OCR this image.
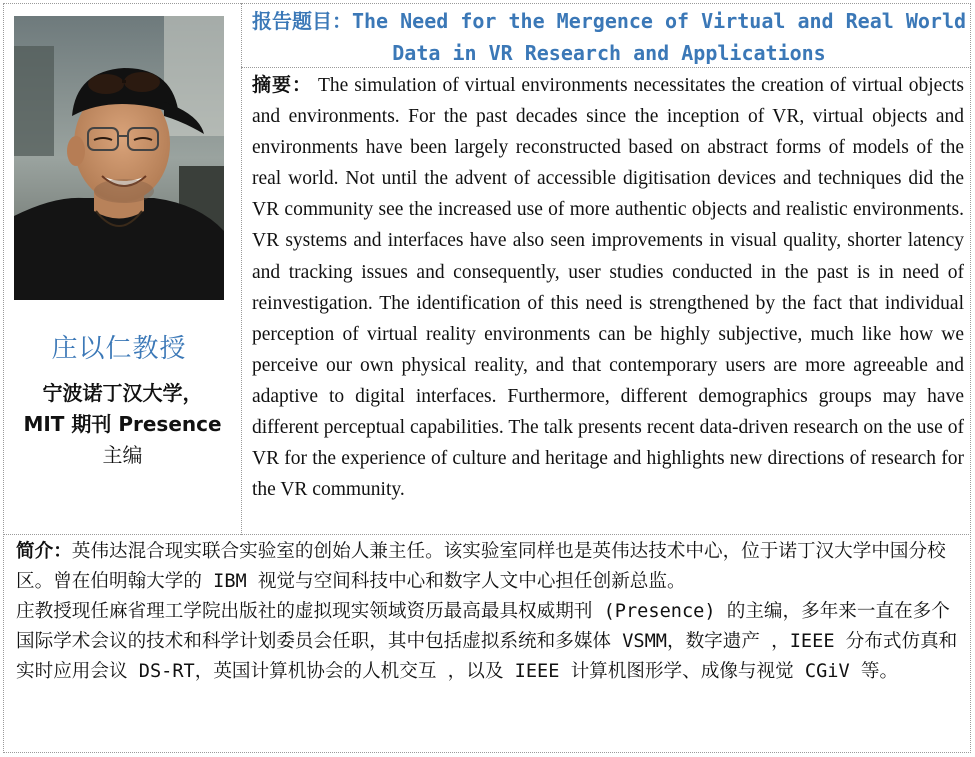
庄以仁教授
宁波诺丁汉大学，
MIT 期刊 Presence
主编
报告题目：The Need for the Mergence of Virtual and Real World Data in VR Research and Applications
摘要： The simulation of virtual environments necessitates the creation of virtual objects and environments. For the past decades since the inception of VR, virtual objects and environments have been largely reconstructed based on abstract forms of models of the real world. Not until the advent of accessible digitisation devices and techniques did the VR community see the increased use of more authentic objects and realistic environments. VR systems and interfaces have also seen improvements in visual quality, shorter latency and tracking issues and consequently, user studies conducted in the past is in need of reinvestigation. The identification of this need is strengthened by the fact that individual perception of virtual reality environments can be highly subjective, much like how we perceive our own physical reality, and that contemporary users are more agreeable and adaptive to digital interfaces. Furthermore, different demographics groups may have different perceptual capabilities. The talk presents recent data-driven research on the use of VR for the experience of culture and heritage and highlights new directions of research for the VR community.

简介：英伟达混合现实联合实验室的创始人兼主任。该实验室同样也是英伟达技术中心，位于诺丁汉大学中国分校区。曾在伯明翰大学的 IBM 视觉与空间科技中心和数字人文中心担任创新总监。

庄教授现任麻省理工学院出版社的虚拟现实领域资历最高最具权威期刊 (Presence) 的主编，多年来一直在多个国际学术会议的技术和科学计划委员会任职，其中包括虚拟系统和多媒体 VSMM，数字遗产 ，IEEE 分布式仿真和实时应用会议 DS-RT，英国计算机协会的人机交互 ，以及 IEEE 计算机图形学、成像与视觉 CGiV 等。
